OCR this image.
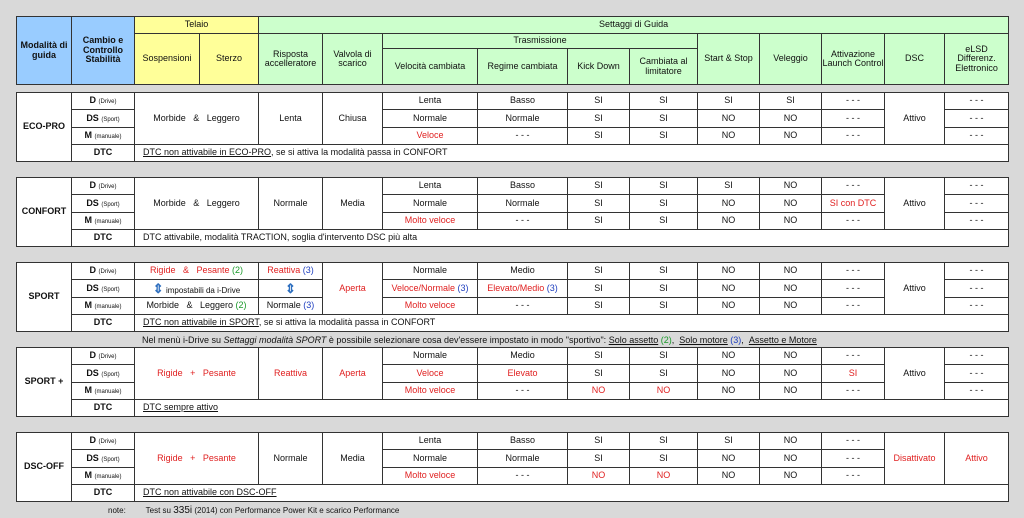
Modalità di guida	Cambio e Controllo Stabilità	Telaio		Settaggi di Guida										
		Sospensioni	Sterzo	Risposta accelleratore	Valvola di scarico	Trasmissione				Start & Stop	Veleggio	Attivazione Launch Control	DSC	eLSD Differenz. Elettronico
						Velocità cambiata	Regime cambiata	Kick Down	Cambiata al limitatore					
ECO-PRO	D (Drive)	Morbide & Leggero	Lenta	Chiusa	Lenta	Basso	SI	SI	SI	SI	- - -	Attivo	- - -
	DS (Sport)				Normale	Normale	SI	SI	NO	NO	- - -		- - -
	M (manuale)				Veloce	- - -	SI	SI	NO	NO	- - -		- - -
	DTC	DTC non attivabile in ECO-PRO, se si attiva la modalità passa in CONFORT											
CONFORT	D (Drive)	Morbide & Leggero	Normale	Media	Lenta	Basso	SI	SI	SI	NO	- - -	Attivo	- - -
	DS (Sport)				Normale	Normale	SI	SI	NO	NO	SI con DTC		- - -
	M (manuale)				Molto veloce	- - -	SI	SI	NO	NO	- - -		- - -
	DTC	DTC attivabile, modalità TRACTION, soglia d'intervento DSC più alta											
SPORT	D (Drive)	Rigide & Pesante (2)	Reattiva (3)	Aperta	Normale	Medio	SI	SI	NO	NO	- - -	Attivo	- - -
	DS (Sport)	⇕ impostabili da i-Drive	⇕		Veloce/Normale (3)	Elevato/Medio (3)	SI	SI	NO	NO	- - -		- - -
	M (manuale)	Morbide & Leggero (2)	Normale (3)		Molto veloce	- - -	SI	SI	NO	NO	- - -		- - -
	DTC	DTC non attivabile in SPORT, se si attiva la modalità passa in CONFORT											
Nel menù i-Drive su Settaggi modalità SPORT è possibile selezionare cosa dev'essere impostato in modo "sportivo": Solo assetto (2),  Solo motore (3),  Assetto e Motore
SPORT +	D (Drive)	Rigide + Pesante	Reattiva	Aperta	Normale	Medio	SI	SI	NO	NO	- - -	Attivo	- - -
	DS (Sport)				Veloce	Elevato	SI	SI	NO	NO	SI		- - -
	M (manuale)				Molto veloce	- - -	NO	NO	NO	NO	- - -		- - -
	DTC	DTC sempre attivo											
DSC-OFF	D (Drive)	Rigide + Pesante	Normale	Media	Lenta	Basso	SI	SI	SI	NO	- - -	Disattivato	Attivo
	DS (Sport)				Normale	Normale	SI	SI	NO	NO	- - -		
	M (manuale)				Molto veloce	- - -	NO	NO	NO	NO	- - -		
	DTC	DTC non attivabile con DSC-OFF											
note: Test su 335i (2014) con Performance Power Kit e scarico Performance
